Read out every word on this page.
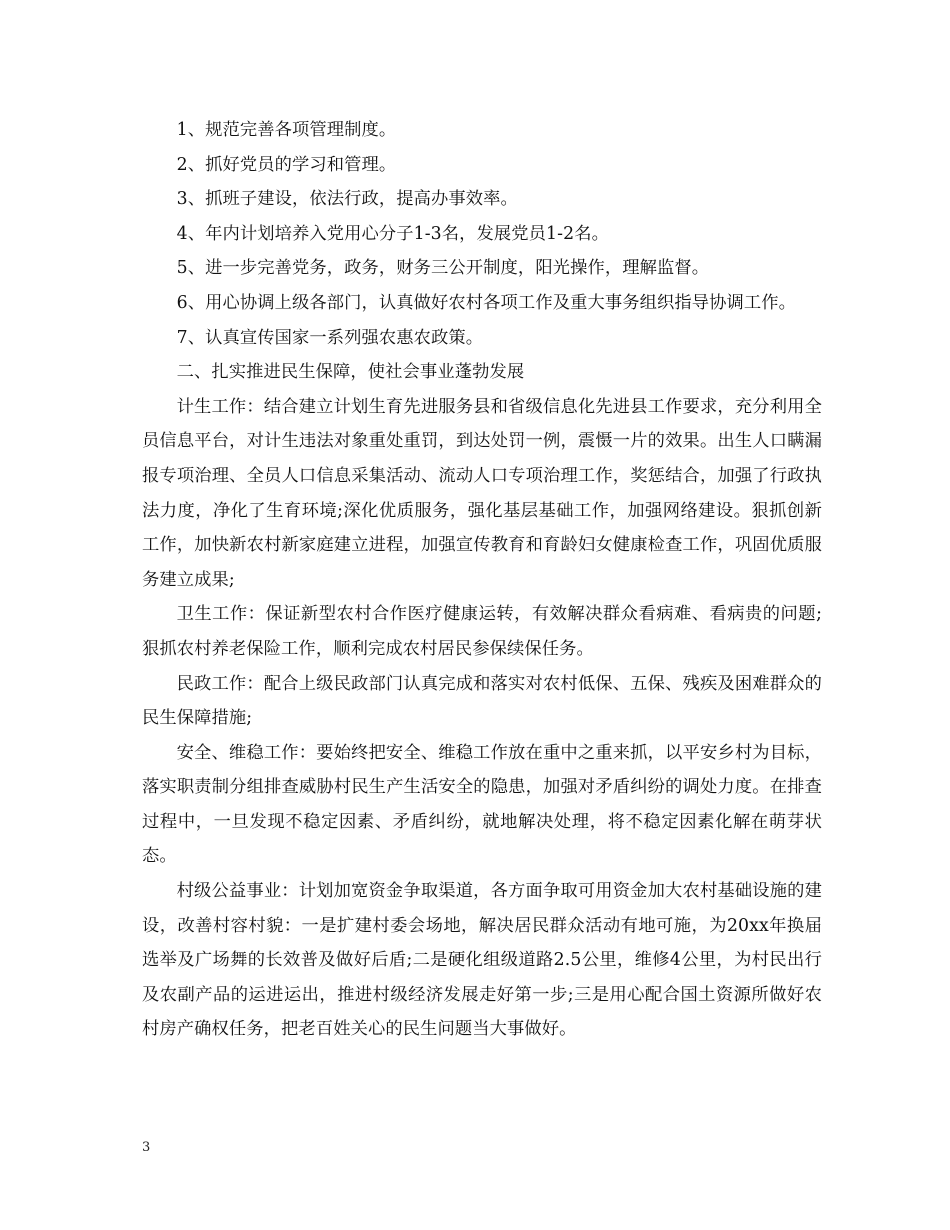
1、规范完善各项管理制度。

2、抓好党员的学习和管理。

3、抓班子建设，依法行政，提高办事效率。

4、年内计划培养入党用心分子1-3名，发展党员1-2名。

5、进一步完善党务，政务，财务三公开制度，阳光操作，理解监督。

6、用心协调上级各部门，认真做好农村各项工作及重大事务组织指导协调工作。

7、认真宣传国家一系列强农惠农政策。

二、扎实推进民生保障，使社会事业蓬勃发展

计生工作：结合建立计划生育先进服务县和省级信息化先进县工作要求，充分利用全员信息平台，对计生违法对象重处重罚，到达处罚一例，震慑一片的效果。出生人口瞒漏报专项治理、全员人口信息采集活动、流动人口专项治理工作，奖惩结合，加强了行政执法力度，净化了生育环境;深化优质服务，强化基层基础工作，加强网络建设。狠抓创新工作，加快新农村新家庭建立进程，加强宣传教育和育龄妇女健康检查工作，巩固优质服务建立成果;

卫生工作：保证新型农村合作医疗健康运转，有效解决群众看病难、看病贵的问题;狠抓农村养老保险工作，顺利完成农村居民参保续保任务。

民政工作：配合上级民政部门认真完成和落实对农村低保、五保、残疾及困难群众的民生保障措施;

安全、维稳工作：要始终把安全、维稳工作放在重中之重来抓，以平安乡村为目标，落实职责制分组排查威胁村民生产生活安全的隐患，加强对矛盾纠纷的调处力度。在排查过程中，一旦发现不稳定因素、矛盾纠纷，就地解决处理，将不稳定因素化解在萌芽状态。

村级公益事业：计划加宽资金争取渠道，各方面争取可用资金加大农村基础设施的建设，改善村容村貌：一是扩建村委会场地，解决居民群众活动有地可施，为20xx年换届选举及广场舞的长效普及做好后盾;二是硬化组级道路2.5公里，维修4公里，为村民出行及农副产品的运进运出，推进村级经济发展走好第一步;三是用心配合国土资源所做好农村房产确权任务，把老百姓关心的民生问题当大事做好。

3
